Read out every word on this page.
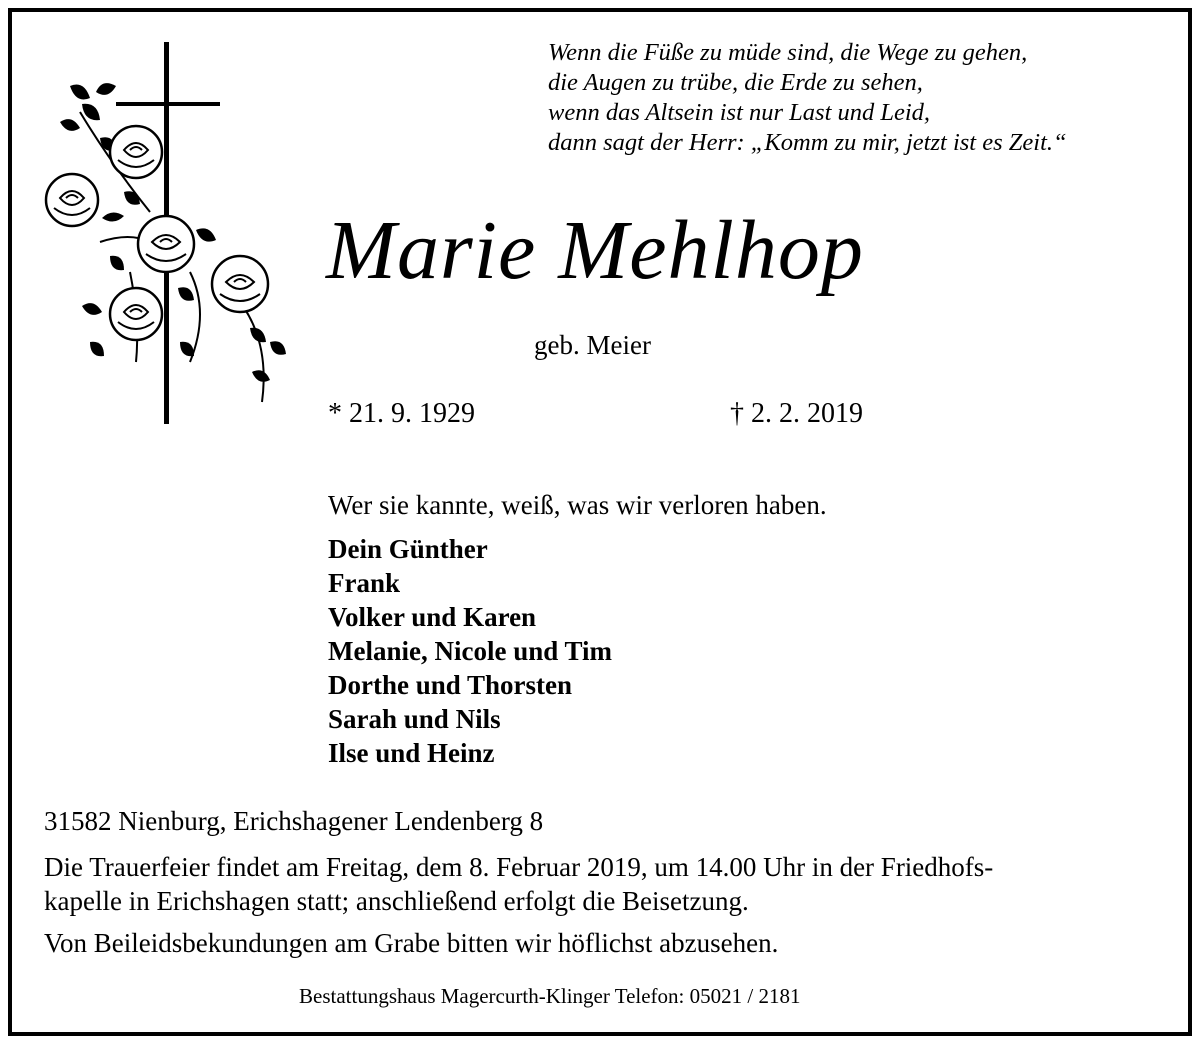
Wenn die Füße zu müde sind, die Wege zu gehen,
die Augen zu trübe, die Erde zu sehen,
wenn das Altsein ist nur Last und Leid,
dann sagt der Herr: „Komm zu mir, jetzt ist es Zeit.“
Marie Mehlhop
geb. Meier
* 21. 9. 1929	† 2. 2. 2019
Wer sie kannte, weiß, was wir verloren haben.
Dein Günther
Frank
Volker und Karen
Melanie, Nicole und Tim
Dorthe und Thorsten
Sarah und Nils
Ilse und Heinz
31582 Nienburg, Erichshagener Lendenberg 8
Die Trauerfeier findet am Freitag, dem 8. Februar 2019, um 14.00 Uhr in der Friedhofs-
kapelle in Erichshagen statt; anschließend erfolgt die Beisetzung.
Von Beileidsbekundungen am Grabe bitten wir höflichst abzusehen.
Bestattungshaus Magercurth-Klinger Telefon: 05021 / 2181
